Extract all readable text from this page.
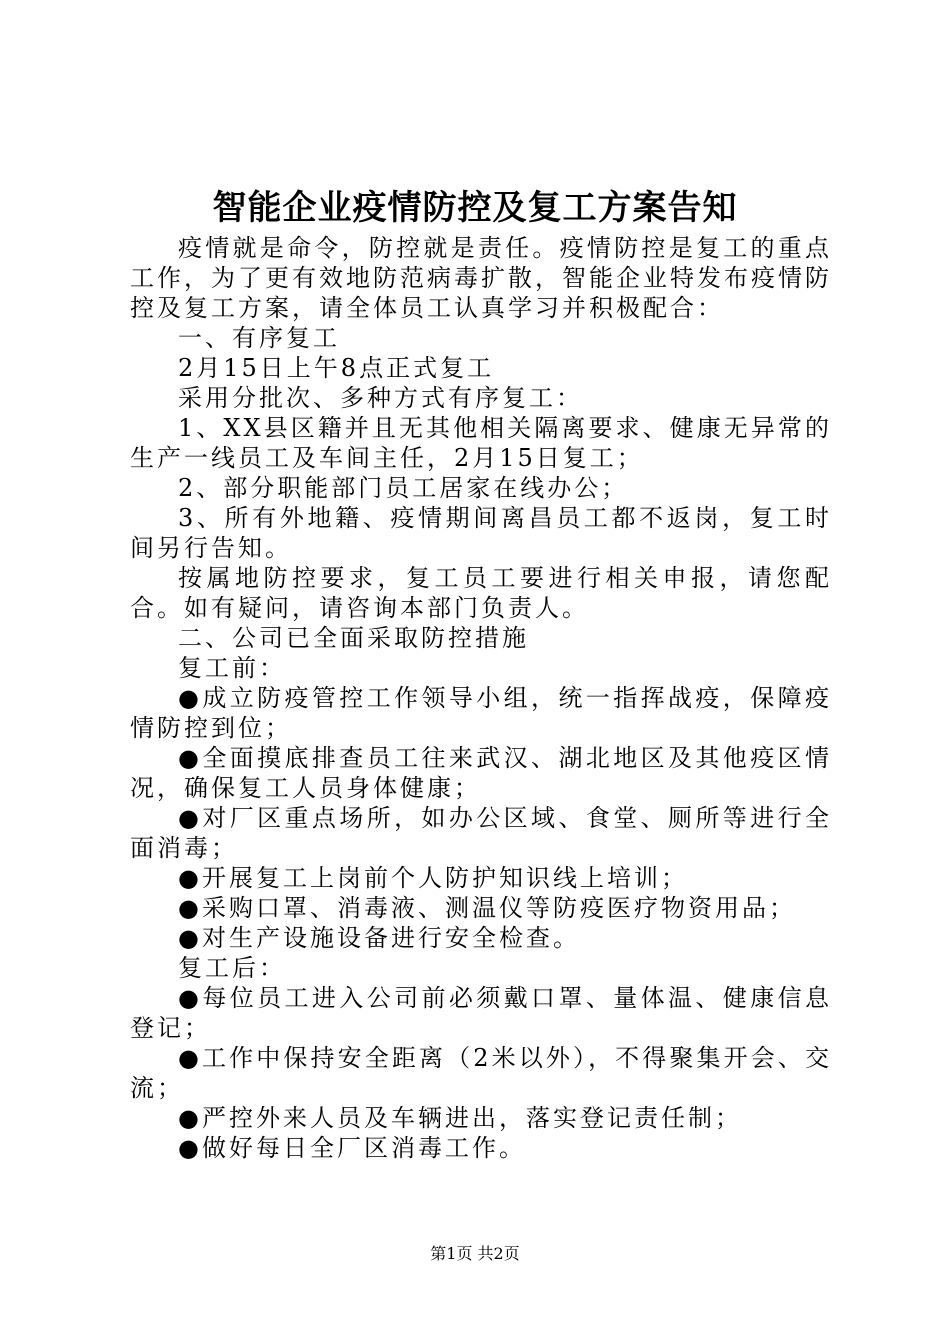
智能企业疫情防控及复工方案告知

疫情就是命令，防控就是责任。疫情防控是复工的重点工作，为了更有效地防范病毒扩散，智能企业特发布疫情防控及复工方案，请全体员工认真学习并积极配合：

一、有序复工

2月15日上午8点正式复工

采用分批次、多种方式有序复工：

1、XX县区籍并且无其他相关隔离要求、健康无异常的生产一线员工及车间主任，2月15日复工；

2、部分职能部门员工居家在线办公；

3、所有外地籍、疫情期间离昌员工都不返岗，复工时间另行告知。

按属地防控要求，复工员工要进行相关申报，请您配合。如有疑问，请咨询本部门负责人。

二、公司已全面采取防控措施

复工前：

●成立防疫管控工作领导小组，统一指挥战疫，保障疫情防控到位；

●全面摸底排查员工往来武汉、湖北地区及其他疫区情况，确保复工人员身体健康；

●对厂区重点场所，如办公区域、食堂、厕所等进行全面消毒；

●开展复工上岗前个人防护知识线上培训；

●采购口罩、消毒液、测温仪等防疫医疗物资用品；

●对生产设施设备进行安全检查。

复工后：

●每位员工进入公司前必须戴口罩、量体温、健康信息登记；

●工作中保持安全距离（2米以外），不得聚集开会、交流；

●严控外来人员及车辆进出，落实登记责任制；

●做好每日全厂区消毒工作。

第1页 共2页
